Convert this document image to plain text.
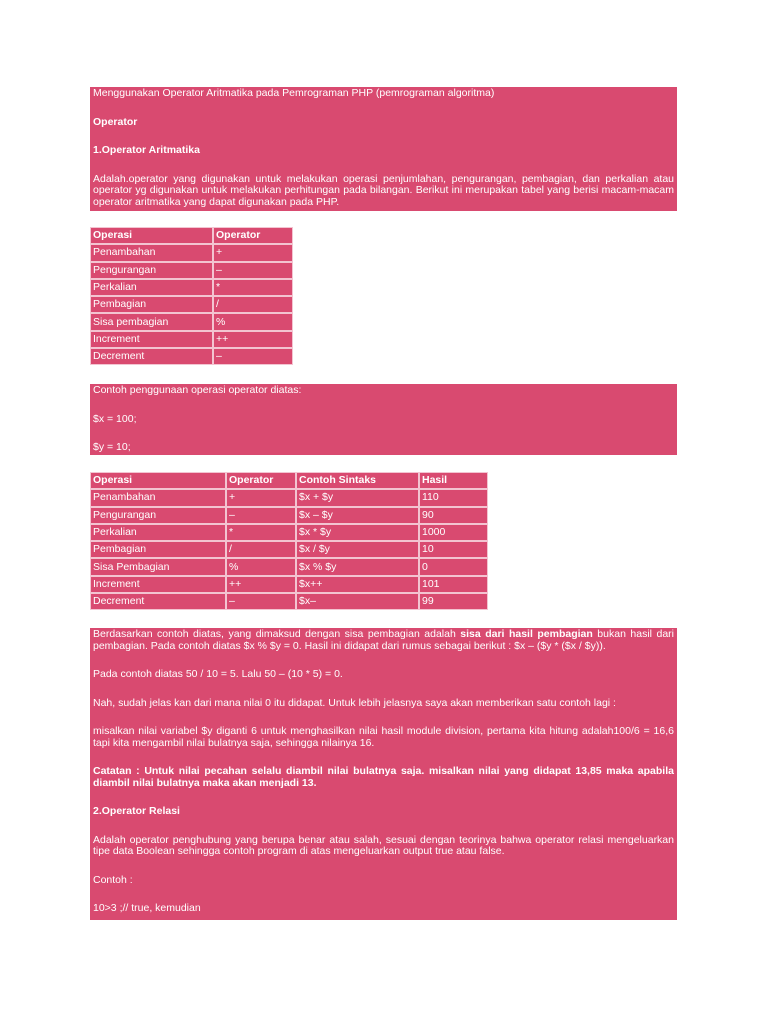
Menggunakan Operator Aritmatika pada Pemrograman PHP (pemrograman algoritma)

Operator

1.Operator Aritmatika

Adalah.operator yang digunakan untuk melakukan operasi penjumlahan, pengurangan, pembagian, dan perkalian atau operator yg digunakan untuk melakukan perhitungan pada bilangan. Berikut ini merupakan tabel yang berisi macam-macam operator aritmatika yang dapat digunakan pada PHP.

Operasi	Operator
Penambahan	+
Pengurangan	–
Perkalian	*
Pembagian	/
Sisa pembagian	%
Increment	++
Decrement	–

Contoh penggunaan operasi operator diatas:

$x = 100;

$y = 10;

Operasi	Operator	Contoh Sintaks	Hasil
Penambahan	+	$x + $y	110
Pengurangan	–	$x – $y	90
Perkalian	*	$x * $y	1000
Pembagian	/	$x / $y	10
Sisa Pembagian	%	$x % $y	0
Increment	++	$x++	101
Decrement	–	$x–	99

Berdasarkan contoh diatas, yang dimaksud dengan sisa pembagian adalah sisa dari hasil pembagian bukan hasil dari pembagian. Pada contoh diatas $x % $y = 0. Hasil ini didapat dari rumus sebagai berikut : $x – ($y * ($x / $y)).

Pada contoh diatas 50 / 10 = 5. Lalu 50 – (10 * 5) = 0.

Nah, sudah jelas kan dari mana nilai 0 itu didapat. Untuk lebih jelasnya saya akan memberikan satu contoh lagi :

misalkan nilai variabel $y diganti 6 untuk menghasilkan nilai hasil module division, pertama kita hitung adalah100/6 = 16,6 tapi kita mengambil nilai bulatnya saja, sehingga nilainya 16.

Catatan : Untuk nilai pecahan selalu diambil nilai bulatnya saja. misalkan nilai yang didapat 13,85 maka apabila diambil nilai bulatnya maka akan menjadi 13.

2.Operator Relasi

Adalah operator penghubung yang berupa benar atau salah, sesuai dengan teorinya bahwa operator relasi mengeluarkan tipe data Boolean sehingga contoh program di atas mengeluarkan output true atau false.

Contoh :

10>3 ;// true, kemudian
